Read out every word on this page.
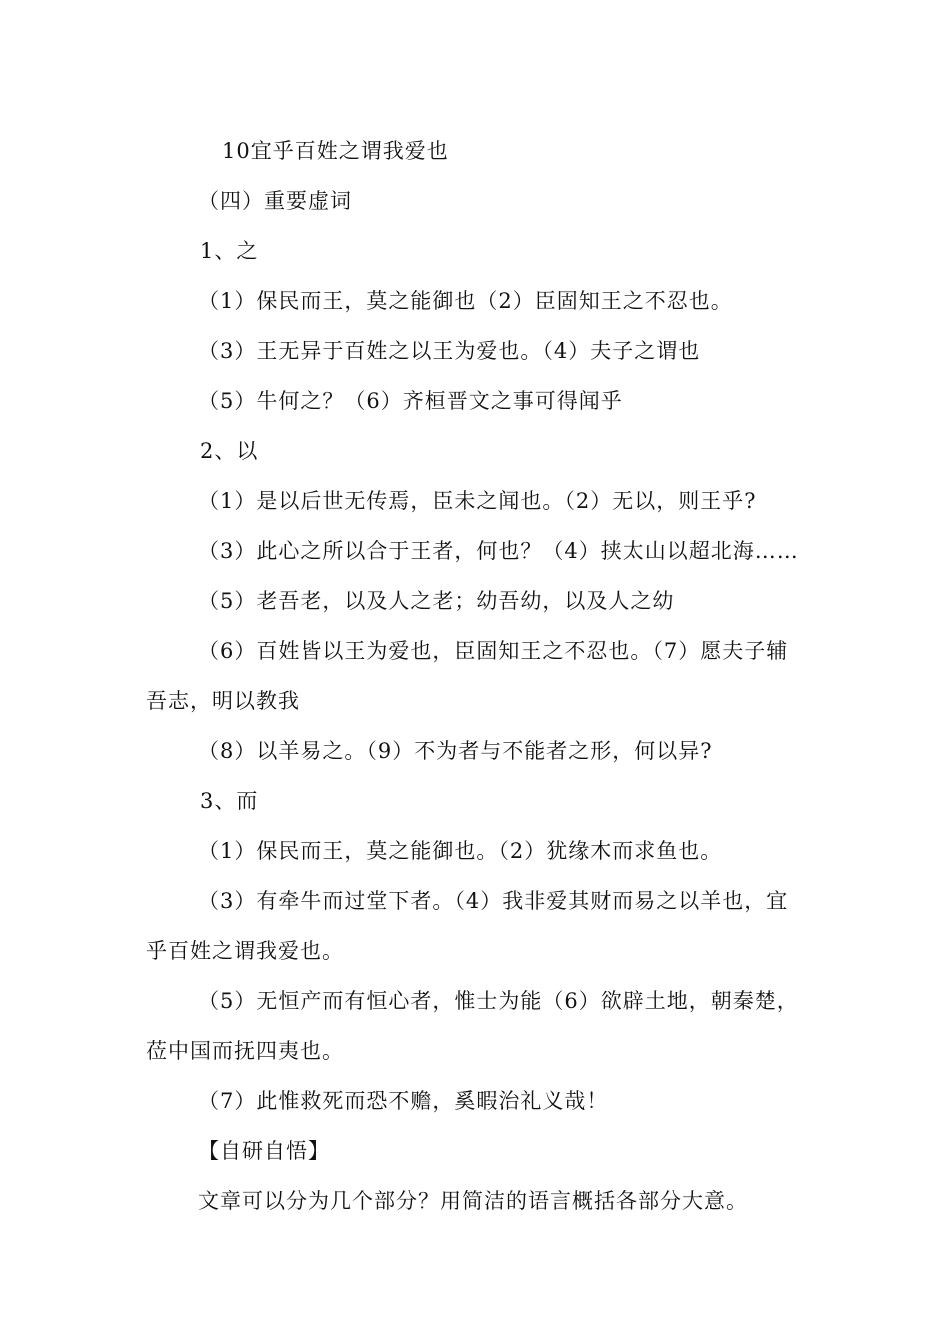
10宜乎百姓之谓我爱也
（四）重要虚词
1、之
（1）保民而王，莫之能御也（2）臣固知王之不忍也。
（3）王无异于百姓之以王为爱也。（4）夫子之谓也
（5）牛何之？（6）齐桓晋文之事可得闻乎
2、以
（1）是以后世无传焉，臣未之闻也。（2）无以，则王乎?
（3）此心之所以合于王者，何也？（4）挟太山以超北海……
（5）老吾老，以及人之老；幼吾幼，以及人之幼
（6）百姓皆以王为爱也，臣固知王之不忍也。（7）愿夫子辅
吾志，明以教我
（8）以羊易之。（9）不为者与不能者之形，何以异?
3、而
（1）保民而王，莫之能御也。（2）犹缘木而求鱼也。
（3）有牵牛而过堂下者。（4）我非爱其财而易之以羊也，宜
乎百姓之谓我爱也。
（5）无恒产而有恒心者，惟士为能（6）欲辟土地，朝秦楚，
莅中国而抚四夷也。
（7）此惟救死而恐不赡，奚暇治礼义哉！
【自研自悟】
文章可以分为几个部分？用简洁的语言概括各部分大意。
